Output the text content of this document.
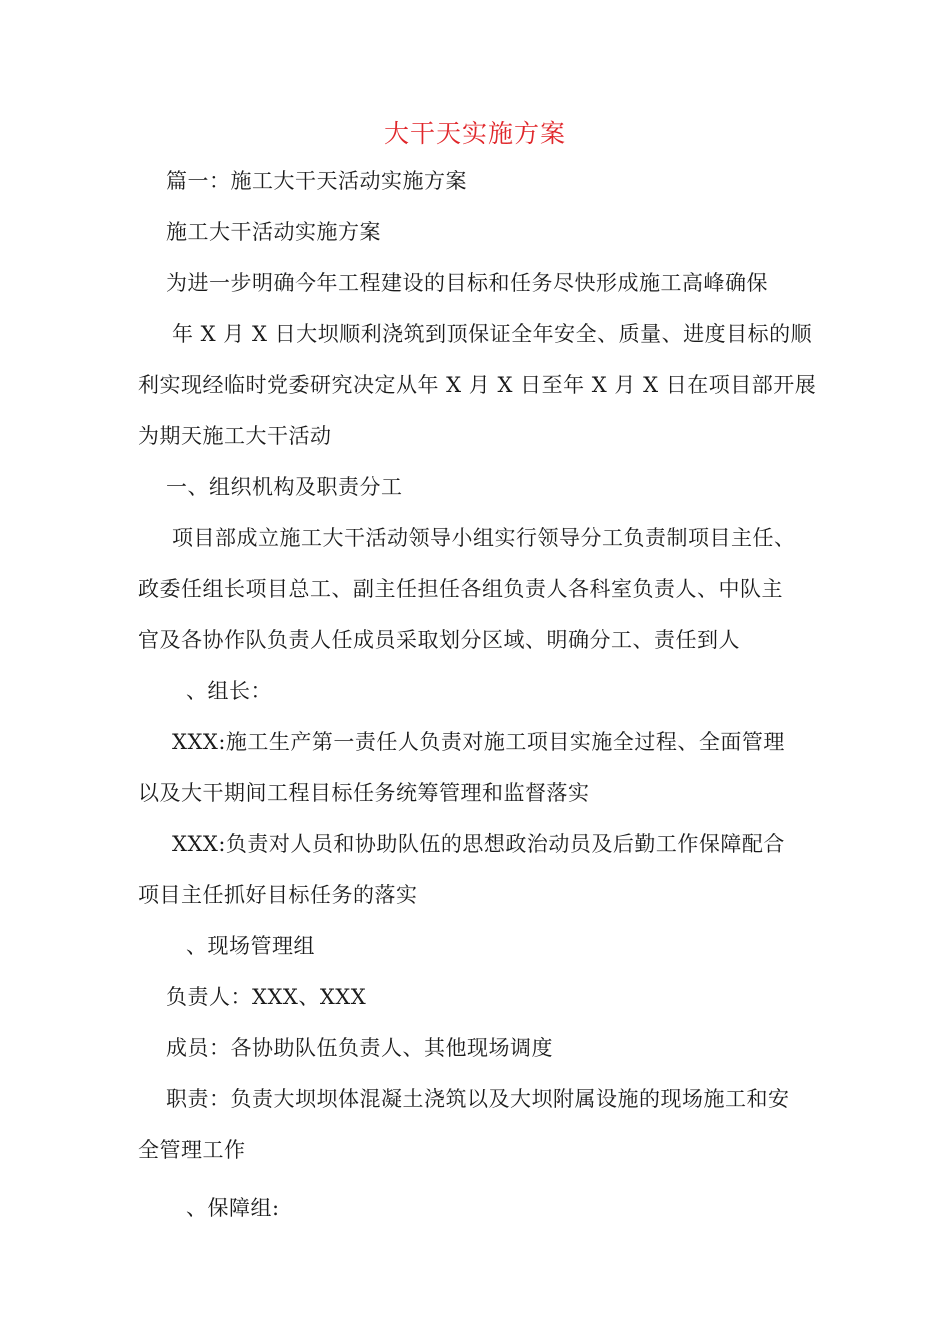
大干天实施方案
篇一：施工大干天活动实施方案
施工大干活动实施方案
为进一步明确今年工程建设的目标和任务尽快形成施工高峰确保
年 X 月 X 日大坝顺利浇筑到顶保证全年安全、质量、进度目标的顺
利实现经临时党委研究决定从年 X 月 X 日至年 X 月 X 日在项目部开展
为期天施工大干活动
一、组织机构及职责分工
项目部成立施工大干活动领导小组实行领导分工负责制项目主任、
政委任组长项目总工、副主任担任各组负责人各科室负责人、中队主
官及各协作队负责人任成员采取划分区域、明确分工、责任到人
、组长：
XXX:施工生产第一责任人负责对施工项目实施全过程、全面管理
以及大干期间工程目标任务统筹管理和监督落实
XXX:负责对人员和协助队伍的思想政治动员及后勤工作保障配合
项目主任抓好目标任务的落实
、现场管理组
负责人：XXX、XXX
成员：各协助队伍负责人、其他现场调度
职责：负责大坝坝体混凝土浇筑以及大坝附属设施的现场施工和安
全管理工作
、保障组:
